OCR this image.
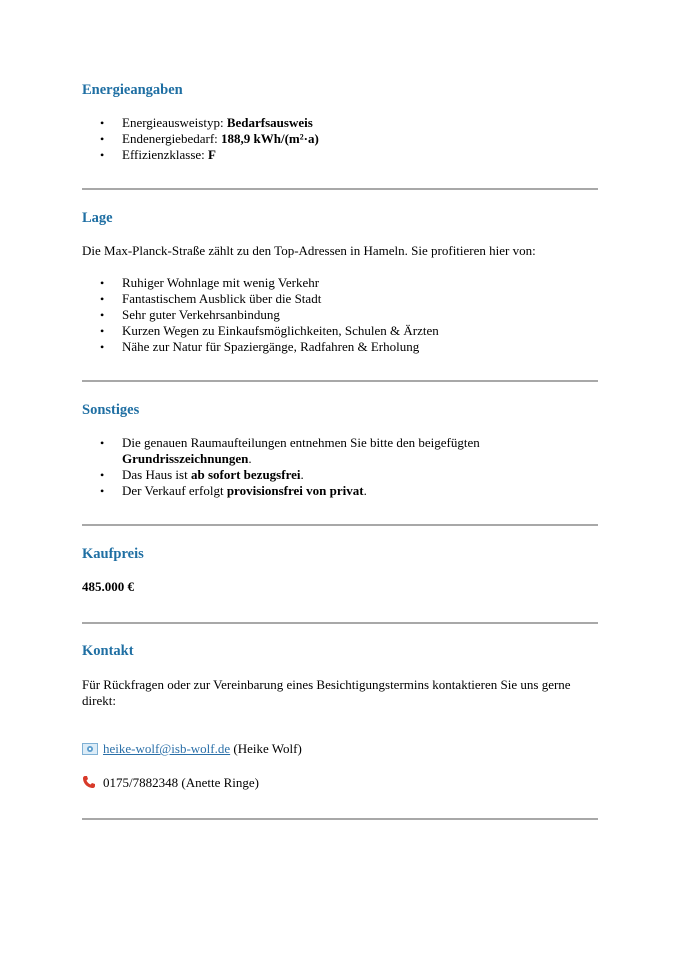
Energieangaben
• Energieausweistyp: Bedarfsausweis
• Endenergiebedarf: 188,9 kWh/(m²·a)
• Effizienzklasse: F
Lage

Die Max-Planck-Straße zählt zu den Top-Adressen in Hameln. Sie profitieren hier von:

• Ruhiger Wohnlage mit wenig Verkehr
• Fantastischem Ausblick über die Stadt
• Sehr guter Verkehrsanbindung
• Kurzen Wegen zu Einkaufsmöglichkeiten, Schulen & Ärzten
• Nähe zur Natur für Spaziergänge, Radfahren & Erholung
Sonstiges
• Die genauen Raumaufteilungen entnehmen Sie bitte den beigefügten Grundrisszeichnungen.
• Das Haus ist ab sofort bezugsfrei.
• Der Verkauf erfolgt provisionsfrei von privat.
Kaufpreis

485.000 €

Kontakt

Für Rückfragen oder zur Vereinbarung eines Besichtigungstermins kontaktieren Sie uns gerne direkt:

heike-wolf@isb-wolf.de (Heike Wolf)
0175/7882348 (Anette Ringe)
